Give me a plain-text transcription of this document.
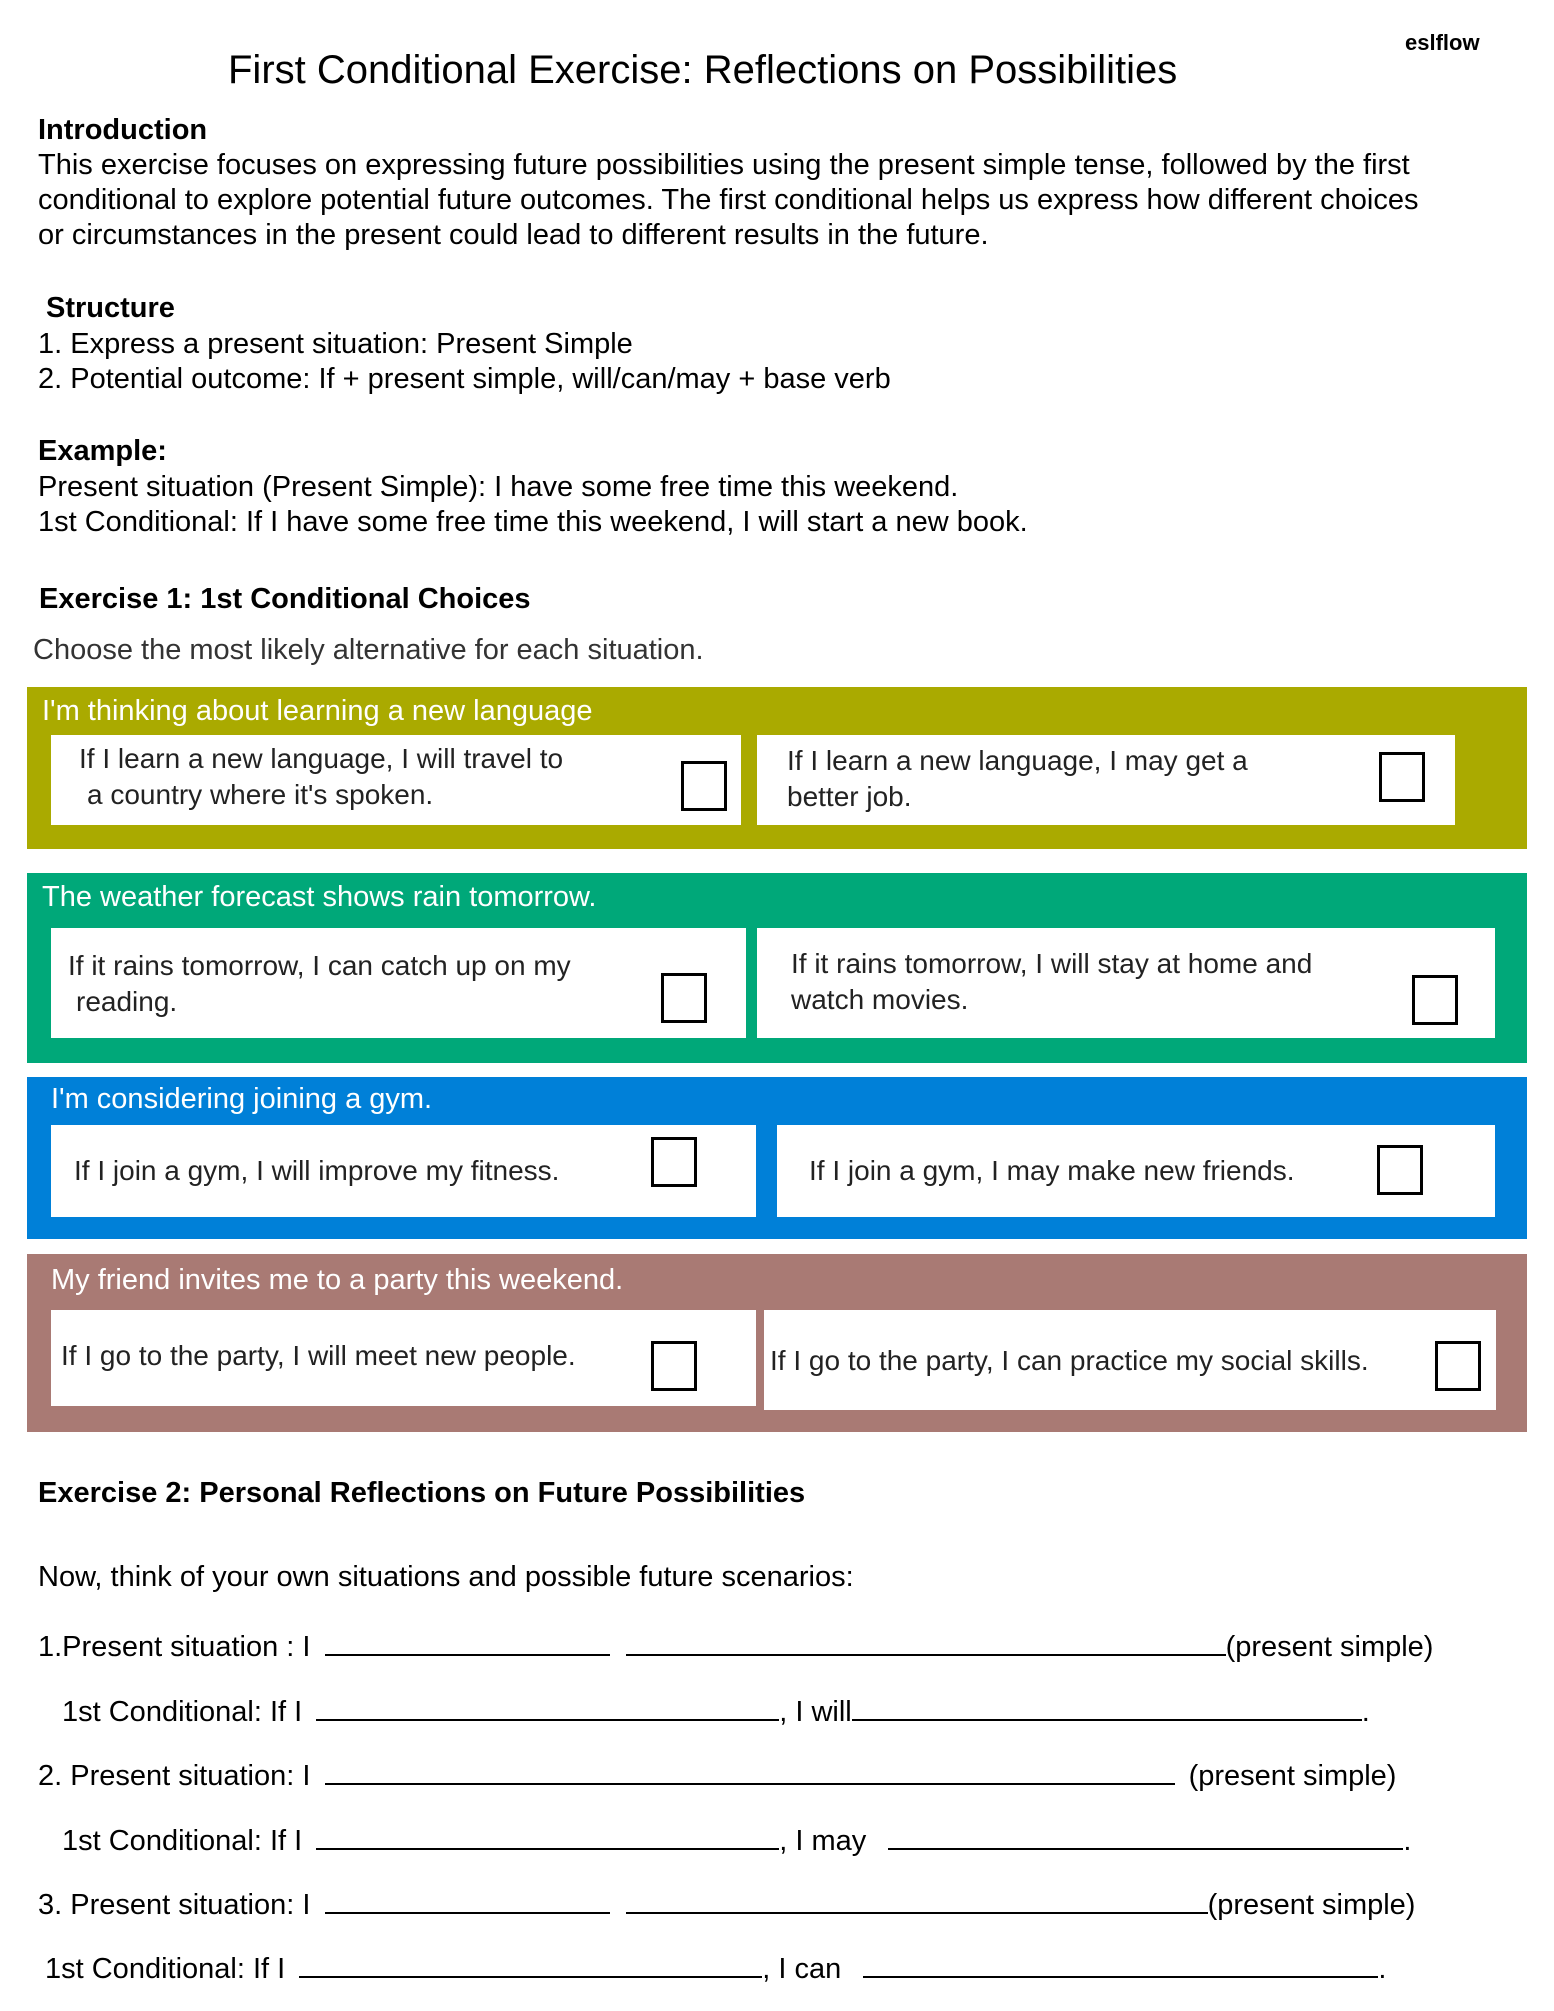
eslflow
First Conditional Exercise: Reflections on Possibilities
Introduction
This exercise focuses on expressing future possibilities using the present simple tense, followed by the first
conditional to explore potential future outcomes. The first conditional helps us express how different choices
or circumstances in the present could lead to different results in the future.
Structure
1. Express a present situation: Present Simple
2. Potential outcome: If + present simple, will/can/may + base verb
Example:
Present situation (Present Simple): I have some free time this weekend.
1st Conditional: If I have some free time this weekend, I will start a new book.
Exercise 1: 1st Conditional Choices
Choose the most likely alternative for each situation.
I'm thinking about learning a new language
If I learn a new language, I will travel to
a country where it's spoken.
If I learn a new language, I may get a
better job.
The weather forecast shows rain tomorrow.
If it rains tomorrow, I can catch up on my
reading.
If it rains tomorrow, I will stay at home and
watch movies.
I'm considering joining a gym.
If I join a gym, I will improve my fitness.	If I join a gym, I may make new friends.
My friend invites me to a party this weekend.
If I go to the party, I will meet new people.	If I go to the party, I can practice my social skills.
Exercise 2: Personal Reflections on Future Possibilities
Now, think of your own situations and possible future scenarios:
1.Present situation : I	(present simple)
1st Conditional: If I	, I will	.
2. Present situation: I	(present simple)
1st Conditional: If I	, I may	.
3. Present situation: I	(present simple)
1st Conditional: If I	, I can	.
